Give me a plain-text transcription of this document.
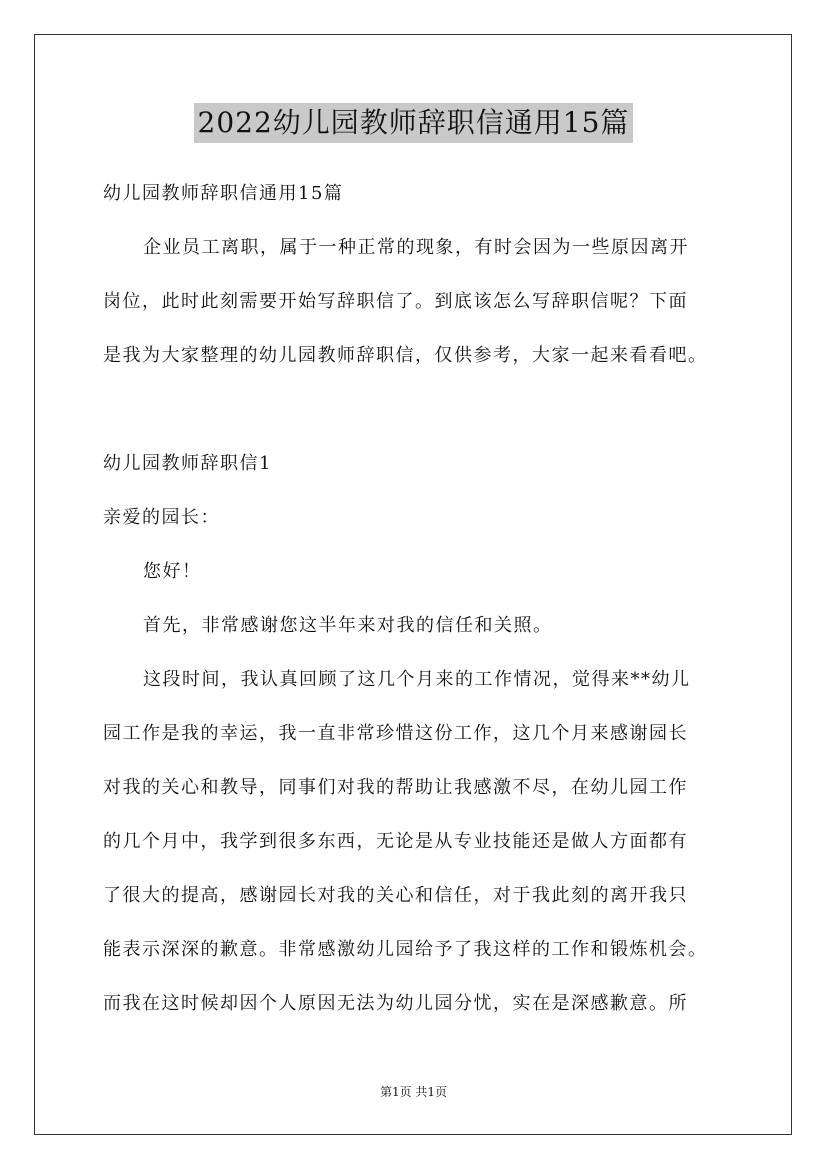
2022幼儿园教师辞职信通用15篇

幼儿园教师辞职信通用15篇

企业员工离职，属于一种正常的现象，有时会因为一些原因离开

岗位，此时此刻需要开始写辞职信了。到底该怎么写辞职信呢？下面

是我为大家整理的幼儿园教师辞职信，仅供参考，大家一起来看看吧。

幼儿园教师辞职信1

亲爱的园长：

您好！

首先，非常感谢您这半年来对我的信任和关照。

这段时间，我认真回顾了这几个月来的工作情况，觉得来**幼儿

园工作是我的幸运，我一直非常珍惜这份工作，这几个月来感谢园长

对我的关心和教导，同事们对我的帮助让我感激不尽，在幼儿园工作

的几个月中，我学到很多东西，无论是从专业技能还是做人方面都有

了很大的提高，感谢园长对我的关心和信任，对于我此刻的离开我只

能表示深深的歉意。非常感激幼儿园给予了我这样的工作和锻炼机会。

而我在这时候却因个人原因无法为幼儿园分忧，实在是深感歉意。所

第1页 共1页
